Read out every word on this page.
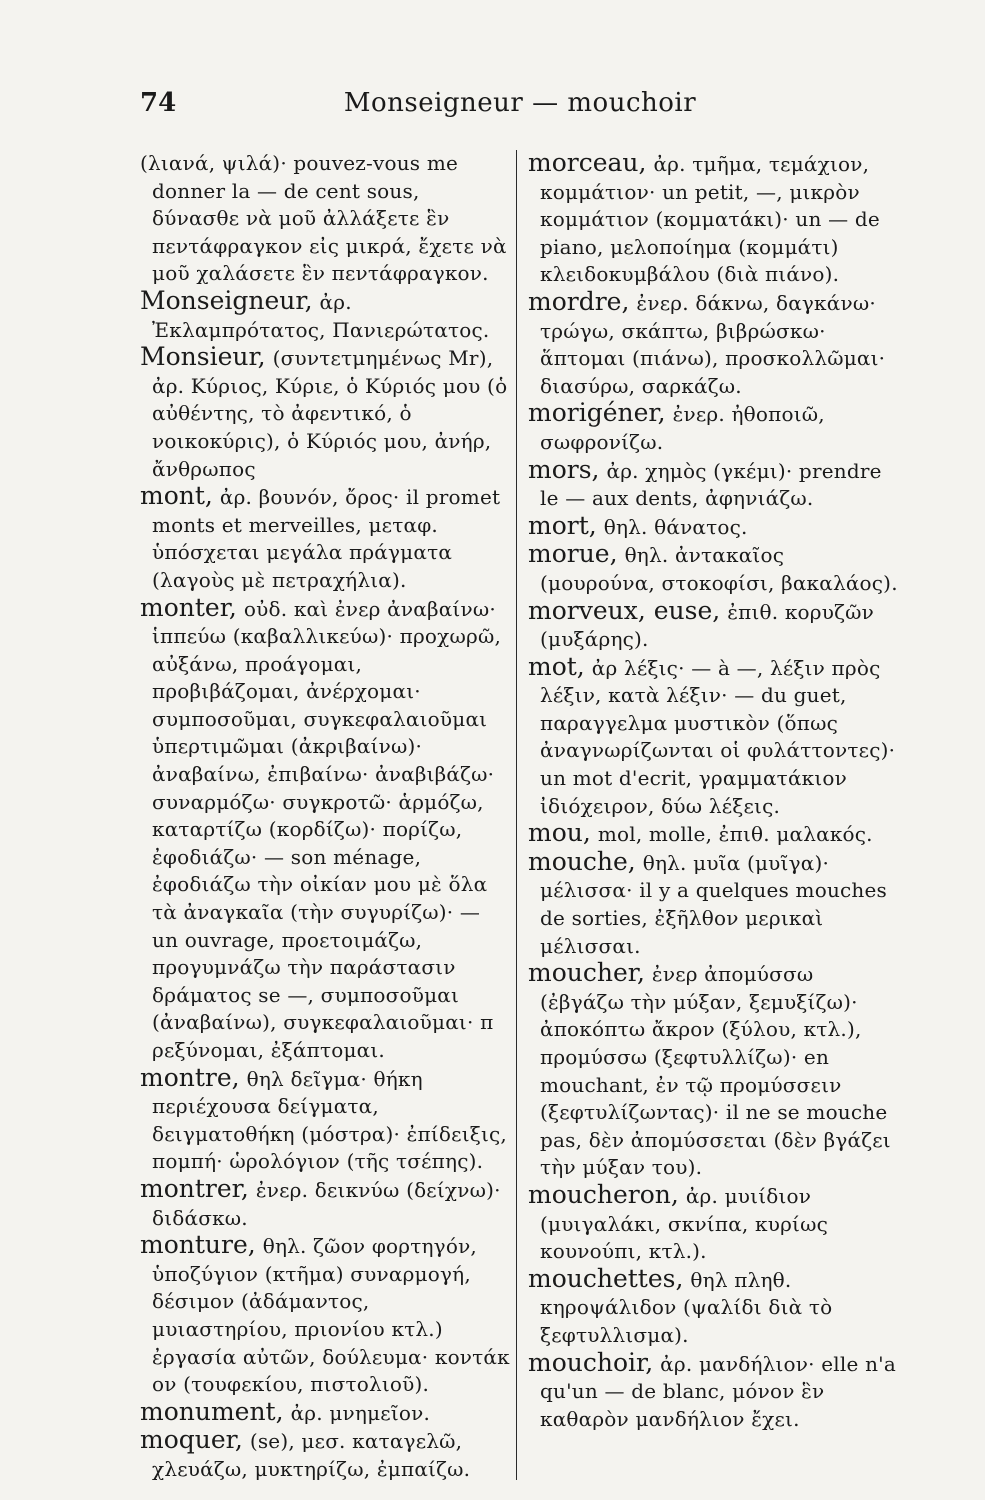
74	Monseigneur — mouchoir

(λιανά, ψιλά)· pouvez-vous me donner la — de cent sous, δύνασθε νὰ μοῦ ἀλλάξετε ἓν πεντάφραγκον εἰς μικρά, ἔχετε νὰ μοῦ χαλάσετε ἓν πεντάφραγκον.

Monseigneur, ἀρ. Ἐκλαμπρότατος, Πανιερώτατος.

Monsieur, (συντετμημένως Mr), ἀρ. Κύριος, Κύριε, ὁ Κύριός μου (ὁ αὐθέντης, τὸ ἀφεντικό, ὁ νοικοκύρις), ὁ Κύριός μου, ἀνήρ, ἄνθρωπος

mont, ἀρ. βουνόν, ὄρος· il promet monts et merveilles, μεταφ. ὑπόσχεται μεγάλα πράγματα (λαγοὺς μὲ πετραχήλια).

monter, οὐδ. καὶ ἐνερ ἀναβαίνω· ἱππεύω (καβαλλικεύω)· προχωρῶ, αὐξάνω, προάγομαι, προβιβάζομαι, ἀνέρχομαι· συμποσοῦμαι, συγκεφαλαιοῦμαι ὑπερτιμῶμαι (ἀκριβαίνω)· ἀναβαίνω, ἐπιβαίνω· ἀναβιβάζω· συναρμόζω· συγκροτῶ· ἁρμόζω, καταρτίζω (κορδίζω)· πορίζω, ἐφοδιάζω· — son ménage, ἐφοδιάζω τὴν οἰκίαν μου μὲ ὅλα τὰ ἀναγκαῖα (τὴν συγυρίζω)· — un ouvrage, προετοιμάζω, προγυμνάζω τὴν παράστασιν δράματος se —, συμποσοῦμαι (ἀναβαίνω), συγκεφαλαιοῦμαι· π ρεξύνομαι, ἐξάπτομαι.

montre, θηλ δεῖγμα· θήκη περιέχουσα δείγματα, δειγματοθήκη (μόστρα)· ἐπίδειξις, πομπή· ὡρολόγιον (τῆς τσέπης).

montrer, ἐνερ. δεικνύω (δείχνω)· διδάσκω.

monture, θηλ. ζῶον φορτηγόν, ὑποζύγιον (κτῆμα) συναρμογή, δέσιμον (ἀδάμαντος, μυιαστηρίου, πριονίου κτλ.) ἐργασία αὐτῶν, δούλευμα· κοντάκ ον (τουφεκίου, πιστολιοῦ).

monument, ἀρ. μνημεῖον.

moquer, (se), μεσ. καταγελῶ, χλευάζω, μυκτηρίζω, ἐμπαίζω.

morceau, ἀρ. τμῆμα, τεμάχιον, κομμάτιον· un petit, —, μικρὸν κομμάτιον (κομματάκι)· un — de piano, μελοποίημα (κομμάτι) κλειδοκυμβάλου (διὰ πιάνο).

mordre, ἐνερ. δάκνω, δαγκάνω· τρώγω, σκάπτω, βιβρώσκω· ἅπτομαι (πιάνω), προσκολλῶμαι· διασύρω, σαρκάζω.

morigéner, ἐνερ. ἠθοποιῶ, σωφρονίζω.

mors, ἀρ. χημὸς (γκέμι)· prendre le — aux dents, ἀφηνιάζω.

mort, θηλ. θάνατος.

morue, θηλ. ἀντακαῖος (μουρούνα, στοκοφίσι, βακαλάος).

morveux, euse, ἐπιθ. κορυζῶν (μυξάρης).

mot, ἀρ λέξις· — à —, λέξιν πρὸς λέξιν, κατὰ λέξιν· — du guet, παραγγελμα μυστικὸν (ὅπως ἀναγνωρίζωνται οἱ φυλάττοντες)· un mot d'ecrit, γραμματάκιον ἰδιόχειρον, δύω λέξεις.

mou, mol, molle, ἐπιθ. μαλακός.

mouche, θηλ. μυῖα (μυῖγα)· μέλισσα· il y a quelques mouches de sorties, ἐξῆλθον μερικαὶ μέλισσαι.

moucher, ἐνερ ἀπομύσσω (ἐβγάζω τὴν μύξαν, ξεμυξίζω)· ἀποκόπτω ἄκρον (ξύλου, κτλ.), προμύσσω (ξεφτυλλίζω)· en mouchant, ἐν τῷ προμύσσειν (ξεφτυλίζωντας)· il ne se mouche pas, δὲν ἀπομύσσεται (δὲν βγάζει τὴν μύξαν του).

moucheron, ἀρ. μυιίδιον (μυιγαλάκι, σκνίπα, κυρίως κουνούπι, κτλ.).

mouchettes, θηλ πληθ. κηροψάλιδον (ψαλίδι διὰ τὸ ξεφτυλλισμα).

mouchoir, ἀρ. μανδήλιον· elle n'a qu'un — de blanc, μόνον ἓν καθαρὸν μανδήλιον ἔχει.
